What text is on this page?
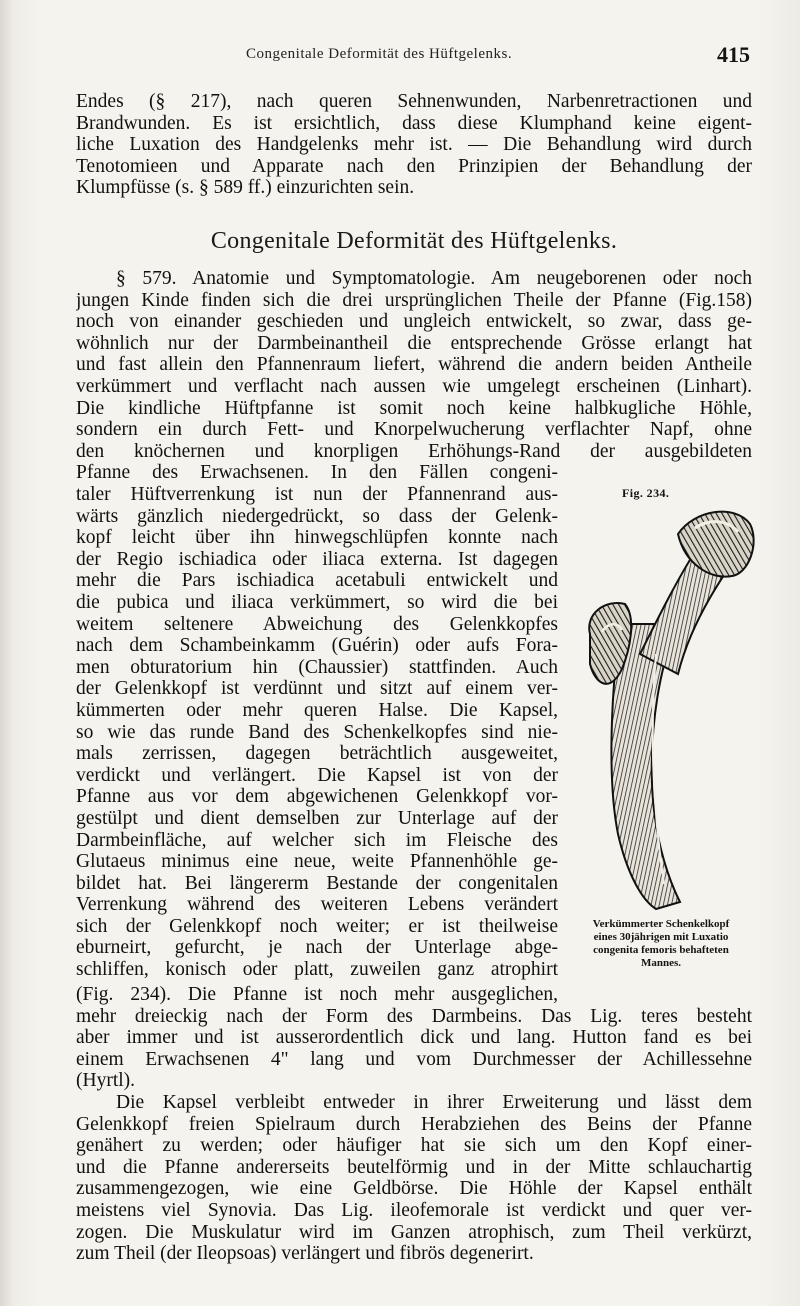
Congenitale Deformität des Hüftgelenks.	415
Endes (§ 217), nach queren Sehnenwunden, Narbenretractionen und
Brandwunden. Es ist ersichtlich, dass diese Klumphand keine eigent-
liche Luxation des Handgelenks mehr ist. — Die Behandlung wird durch
Tenotomieen und Apparate nach den Prinzipien der Behandlung der
Klumpfüsse (s. § 589 ff.) einzurichten sein.
Congenitale Deformität des Hüftgelenks.
§ 579. Anatomie und Symptomatologie. Am neugeborenen oder noch
jungen Kinde finden sich die drei ursprünglichen Theile der Pfanne (Fig.158)
noch von einander geschieden und ungleich entwickelt, so zwar, dass ge-
wöhnlich nur der Darmbeinantheil die entsprechende Grösse erlangt hat
und fast allein den Pfannenraum liefert, während die andern beiden Antheile
verkümmert und verflacht nach aussen wie umgelegt erscheinen (Linhart).
Die kindliche Hüftpfanne ist somit noch keine halbkugliche Höhle,
sondern ein durch Fett- und Knorpelwucherung verflachter Napf, ohne
den knöchernen und knorpligen Erhöhungs-Rand der ausgebildeten
Pfanne des Erwachsenen. In den Fällen congeni-
taler Hüftverrenkung ist nun der Pfannenrand aus-
wärts gänzlich niedergedrückt, so dass der Gelenk-
kopf leicht über ihn hinwegschlüpfen konnte nach
der Regio ischiadica oder iliaca externa. Ist dagegen
mehr die Pars ischiadica acetabuli entwickelt und
die pubica und iliaca verkümmert, so wird die bei
weitem seltenere Abweichung des Gelenkkopfes
nach dem Schambeinkamm (Guérin) oder aufs Fora-
men obturatorium hin (Chaussier) stattfinden. Auch
der Gelenkkopf ist verdünnt und sitzt auf einem ver-
kümmerten oder mehr queren Halse. Die Kapsel,
so wie das runde Band des Schenkelkopfes sind nie-
mals zerrissen, dagegen beträchtlich ausgeweitet,
verdickt und verlängert. Die Kapsel ist von der
Pfanne aus vor dem abgewichenen Gelenkkopf vor-
gestülpt und dient demselben zur Unterlage auf der
Darmbeinfläche, auf welcher sich im Fleische des
Glutaeus minimus eine neue, weite Pfannenhöhle ge-
bildet hat. Bei längererm Bestande der congenitalen
Verrenkung während des weiteren Lebens verändert
sich der Gelenkkopf noch weiter; er ist theilweise
eburneirt, gefurcht, je nach der Unterlage abge-
schliffen, konisch oder platt, zuweilen ganz atrophirt
Fig. 234.
Verkümmerter Schenkelkopf
eines 30jährigen mit Luxatio
congenita femoris behafteten
Mannes.
(Fig. 234). Die Pfanne ist noch mehr ausgeglichen,
mehr dreieckig nach der Form des Darmbeins. Das Lig. teres besteht
aber immer und ist ausserordentlich dick und lang. Hutton fand es bei
einem Erwachsenen 4" lang und vom Durchmesser der Achillessehne
(Hyrtl).
Die Kapsel verbleibt entweder in ihrer Erweiterung und lässt dem
Gelenkkopf freien Spielraum durch Herabziehen des Beins der Pfanne
genähert zu werden; oder häufiger hat sie sich um den Kopf einer-
und die Pfanne andererseits beutelförmig und in der Mitte schlauchartig
zusammengezogen, wie eine Geldbörse. Die Höhle der Kapsel enthält
meistens viel Synovia. Das Lig. ileofemorale ist verdickt und quer ver-
zogen. Die Muskulatur wird im Ganzen atrophisch, zum Theil verkürzt,
zum Theil (der Ileopsoas) verlängert und fibrös degenerirt.
